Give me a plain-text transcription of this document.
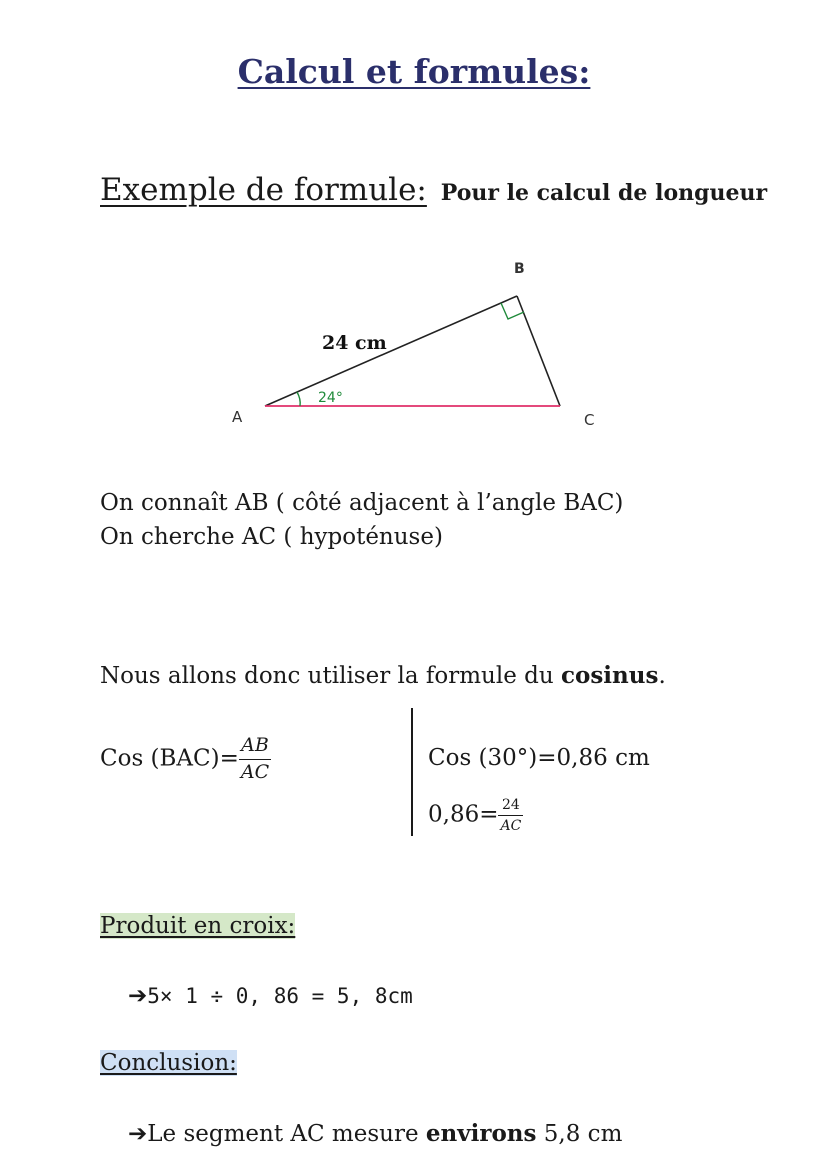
Calcul et formules:
Exemple de formule: Pour le calcul de longueur
A
B
C
24 cm
24°
On connaît AB ( côté adjacent à l’angle BAC)
On cherche AC ( hypoténuse)
Nous allons donc utiliser la formule du cosinus.
Cos $(BAC)= \frac{AB}{AC}$	Cos (30°)=0,86 cm
$0,86= \frac{24}{AC}$
Produit en croix:
➔5× 1 ÷ 0, 86 = 5, 8cm
Conclusion:
➔Le segment AC mesure environs 5,8 cm
